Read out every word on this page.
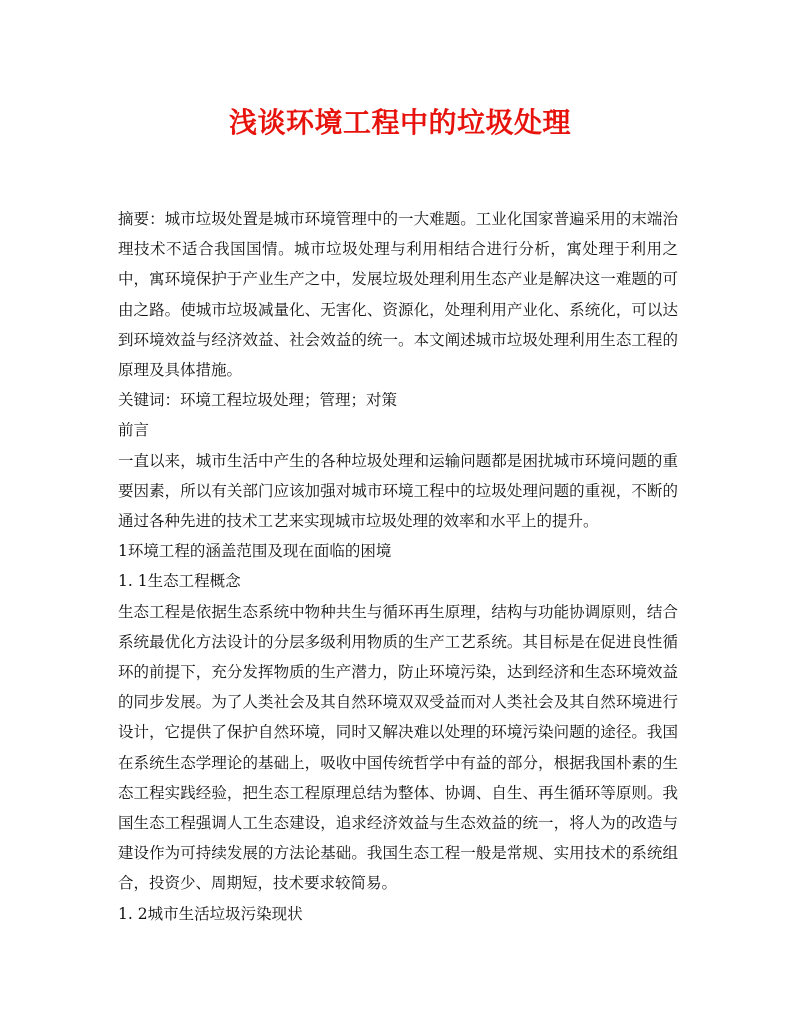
浅谈环境工程中的垃圾处理

摘要：城市垃圾处置是城市环境管理中的一大难题。工业化国家普遍采用的末端治理技术不适合我国国情。城市垃圾处理与利用相结合进行分析，寓处理于利用之中，寓环境保护于产业生产之中，发展垃圾处理利用生态产业是解决这一难题的可由之路。使城市垃圾减量化、无害化、资源化，处理利用产业化、系统化，可以达到环境效益与经济效益、社会效益的统一。本文阐述城市垃圾处理利用生态工程的原理及具体措施。

关键词：环境工程垃圾处理；管理；对策

前言

一直以来，城市生活中产生的各种垃圾处理和运输问题都是困扰城市环境问题的重要因素，所以有关部门应该加强对城市环境工程中的垃圾处理问题的重视，不断的通过各种先进的技术工艺来实现城市垃圾处理的效率和水平上的提升。

1环境工程的涵盖范围及现在面临的困境

1. 1生态工程概念

生态工程是依据生态系统中物种共生与循环再生原理，结构与功能协调原则，结合系统最优化方法设计的分层多级利用物质的生产工艺系统。其目标是在促进良性循环的前提下，充分发挥物质的生产潜力，防止环境污染，达到经济和生态环境效益的同步发展。为了人类社会及其自然环境双双受益而对人类社会及其自然环境进行设计，它提供了保护自然环境，同时又解决难以处理的环境污染问题的途径。我国在系统生态学理论的基础上，吸收中国传统哲学中有益的部分，根据我国朴素的生态工程实践经验，把生态工程原理总结为整体、协调、自生、再生循环等原则。我国生态工程强调人工生态建设，追求经济效益与生态效益的统一，将人为的改造与建设作为可持续发展的方法论基础。我国生态工程一般是常规、实用技术的系统组合，投资少、周期短，技术要求较简易。

1. 2城市生活垃圾污染现状
